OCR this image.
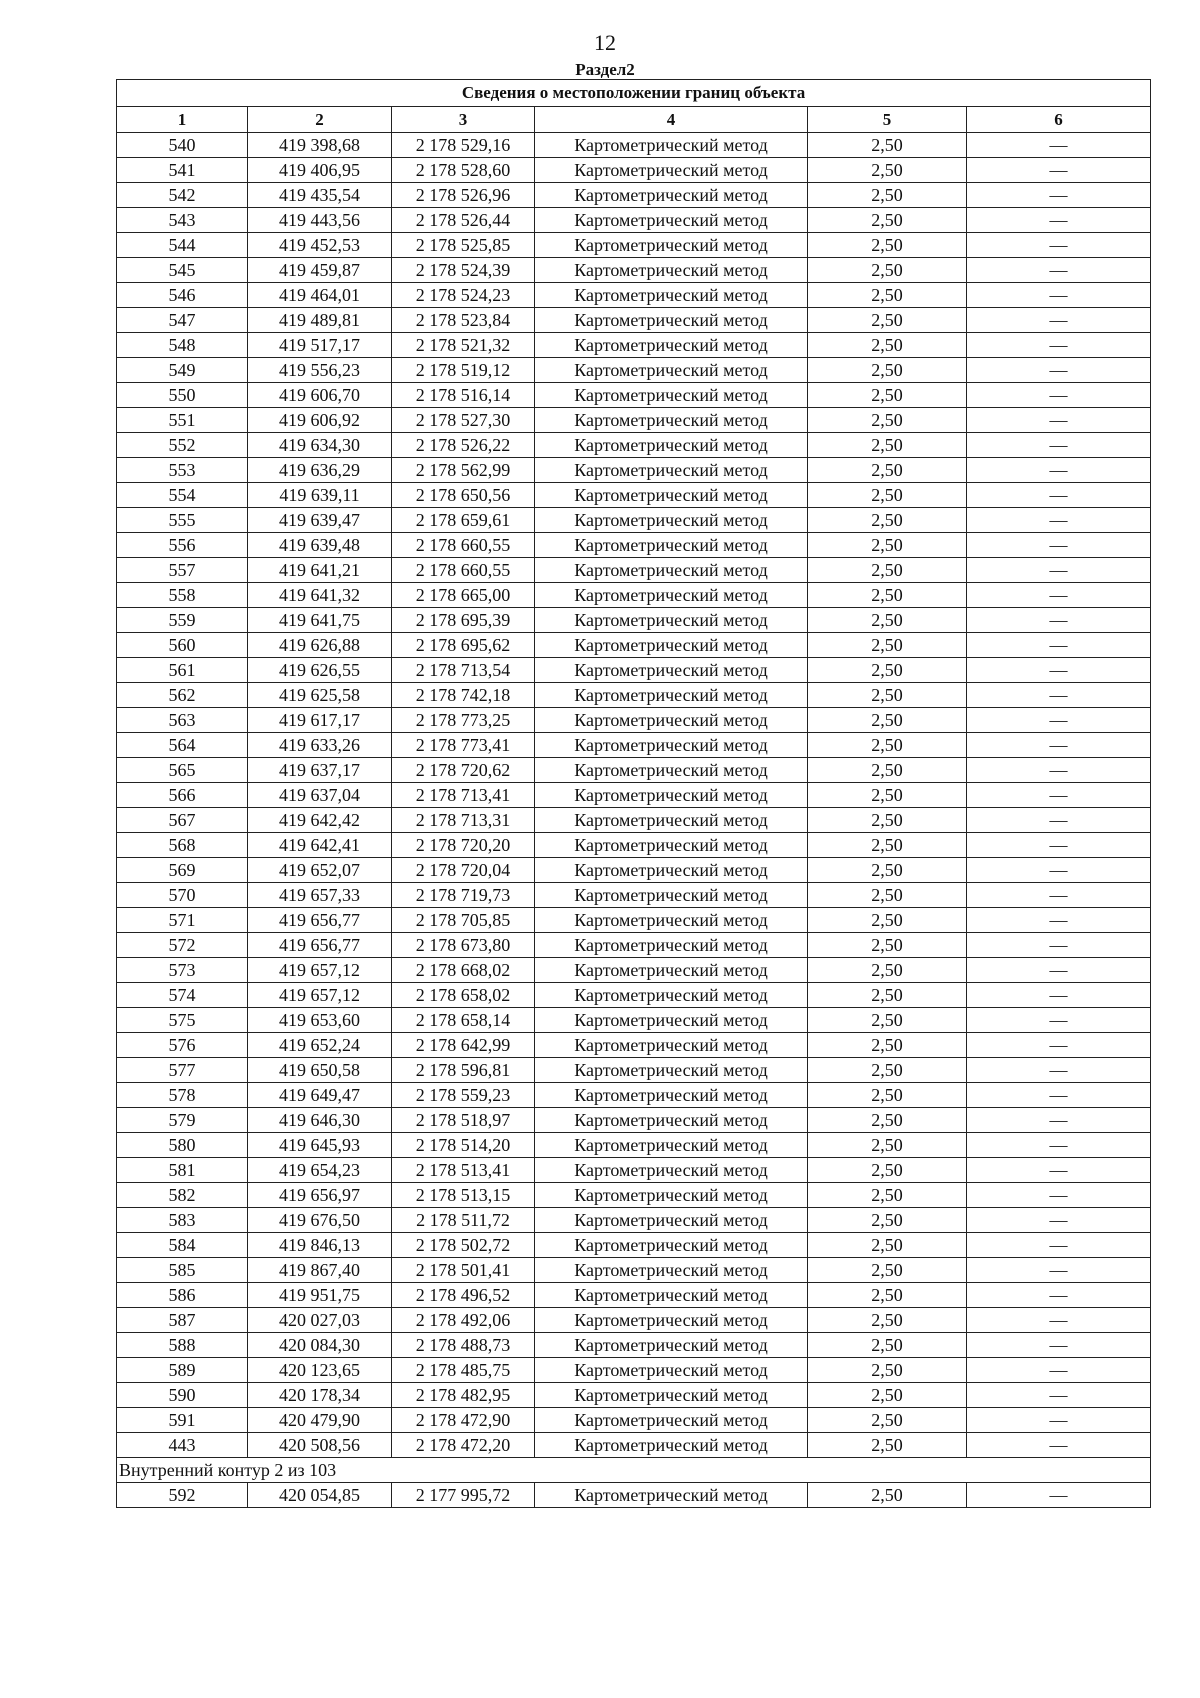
12
Раздел2
Сведения о местоположении границ объекта					
1	2	3	4	5	6
540	419 398,68	2 178 529,16	Картометрический метод	2,50	—
541	419 406,95	2 178 528,60	Картометрический метод	2,50	—
542	419 435,54	2 178 526,96	Картометрический метод	2,50	—
543	419 443,56	2 178 526,44	Картометрический метод	2,50	—
544	419 452,53	2 178 525,85	Картометрический метод	2,50	—
545	419 459,87	2 178 524,39	Картометрический метод	2,50	—
546	419 464,01	2 178 524,23	Картометрический метод	2,50	—
547	419 489,81	2 178 523,84	Картометрический метод	2,50	—
548	419 517,17	2 178 521,32	Картометрический метод	2,50	—
549	419 556,23	2 178 519,12	Картометрический метод	2,50	—
550	419 606,70	2 178 516,14	Картометрический метод	2,50	—
551	419 606,92	2 178 527,30	Картометрический метод	2,50	—
552	419 634,30	2 178 526,22	Картометрический метод	2,50	—
553	419 636,29	2 178 562,99	Картометрический метод	2,50	—
554	419 639,11	2 178 650,56	Картометрический метод	2,50	—
555	419 639,47	2 178 659,61	Картометрический метод	2,50	—
556	419 639,48	2 178 660,55	Картометрический метод	2,50	—
557	419 641,21	2 178 660,55	Картометрический метод	2,50	—
558	419 641,32	2 178 665,00	Картометрический метод	2,50	—
559	419 641,75	2 178 695,39	Картометрический метод	2,50	—
560	419 626,88	2 178 695,62	Картометрический метод	2,50	—
561	419 626,55	2 178 713,54	Картометрический метод	2,50	—
562	419 625,58	2 178 742,18	Картометрический метод	2,50	—
563	419 617,17	2 178 773,25	Картометрический метод	2,50	—
564	419 633,26	2 178 773,41	Картометрический метод	2,50	—
565	419 637,17	2 178 720,62	Картометрический метод	2,50	—
566	419 637,04	2 178 713,41	Картометрический метод	2,50	—
567	419 642,42	2 178 713,31	Картометрический метод	2,50	—
568	419 642,41	2 178 720,20	Картометрический метод	2,50	—
569	419 652,07	2 178 720,04	Картометрический метод	2,50	—
570	419 657,33	2 178 719,73	Картометрический метод	2,50	—
571	419 656,77	2 178 705,85	Картометрический метод	2,50	—
572	419 656,77	2 178 673,80	Картометрический метод	2,50	—
573	419 657,12	2 178 668,02	Картометрический метод	2,50	—
574	419 657,12	2 178 658,02	Картометрический метод	2,50	—
575	419 653,60	2 178 658,14	Картометрический метод	2,50	—
576	419 652,24	2 178 642,99	Картометрический метод	2,50	—
577	419 650,58	2 178 596,81	Картометрический метод	2,50	—
578	419 649,47	2 178 559,23	Картометрический метод	2,50	—
579	419 646,30	2 178 518,97	Картометрический метод	2,50	—
580	419 645,93	2 178 514,20	Картометрический метод	2,50	—
581	419 654,23	2 178 513,41	Картометрический метод	2,50	—
582	419 656,97	2 178 513,15	Картометрический метод	2,50	—
583	419 676,50	2 178 511,72	Картометрический метод	2,50	—
584	419 846,13	2 178 502,72	Картометрический метод	2,50	—
585	419 867,40	2 178 501,41	Картометрический метод	2,50	—
586	419 951,75	2 178 496,52	Картометрический метод	2,50	—
587	420 027,03	2 178 492,06	Картометрический метод	2,50	—
588	420 084,30	2 178 488,73	Картометрический метод	2,50	—
589	420 123,65	2 178 485,75	Картометрический метод	2,50	—
590	420 178,34	2 178 482,95	Картометрический метод	2,50	—
591	420 479,90	2 178 472,90	Картометрический метод	2,50	—
443	420 508,56	2 178 472,20	Картометрический метод	2,50	—
Внутренний контур 2 из 103					
592	420 054,85	2 177 995,72	Картометрический метод	2,50	—
